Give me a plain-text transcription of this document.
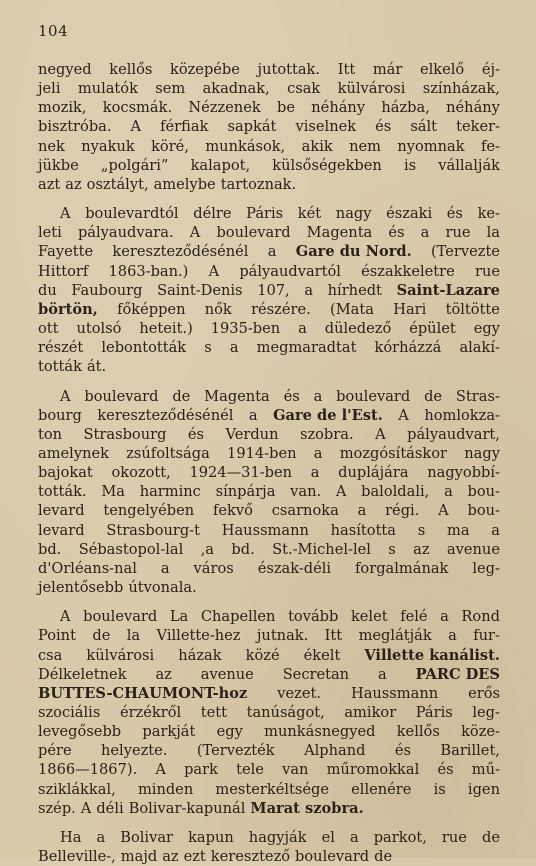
104
negyed kellős közepébe jutottak. Itt már elkelő éj-
jeli mulatók sem akadnak, csak külvárosi színházak,
mozik, kocsmák. Nézzenek be néhány házba, néhány
bisztróba. A férfiak sapkát viselnek és sált teker-
nek nyakuk köré, munkások, akik nem nyomnak fe-
jükbe „polgári” kalapot, külsőségekben is vállalják
azt az osztályt, amelybe tartoznak.
A boulevardtól délre Páris két nagy északi és ke-
leti pályaudvara. A boulevard Magenta és a rue la
Fayette kereszteződésénél a Gare du Nord. (Tervezte
Hittorf 1863-ban.) A pályaudvartól északkeletre rue
du Faubourg Saint-Denis 107, a hírhedt Saint-Lazare
börtön, főképpen nők részére. (Mata Hari töltötte
ott utolsó heteit.) 1935-ben a düledező épület egy
részét lebontották s a megmaradtat kórházzá alakí-
tották át.
A boulevard de Magenta és a boulevard de Stras-
bourg kereszteződésénél a Gare de l'Est. A homlokza-
ton Strasbourg és Verdun szobra. A pályaudvart,
amelynek zsúfoltsága 1914-ben a mozgósításkor nagy
bajokat okozott, 1924—31-ben a duplájára nagyobbí-
tották. Ma harminc sínpárja van. A baloldali, a bou-
levard tengelyében fekvő csarnoka a régi. A bou-
levard Strasbourg-t Haussmann hasította s ma a
bd. Sébastopol-lal ‚a bd. St.-Michel-lel s az avenue
d'Orléans-nal a város észak-déli forgalmának leg-
jelentősebb útvonala.
A boulevard La Chapellen tovább kelet felé a Rond
Point de la Villette-hez jutnak. Itt meglátják a fur-
csa külvárosi házak közé ékelt Villette kanálist.
Délkeletnek az avenue Secretan a PARC DES
BUTTES-CHAUMONT-hoz vezet. Haussmann erős
szociális érzékről tett tanúságot, amikor Páris leg-
levegősebb parkját egy munkásnegyed kellős köze-
pére helyezte. (Tervezték Alphand és Barillet,
1866—1867). A park tele van műromokkal és mű-
sziklákkal, minden mesterkéltsége ellenére is igen
szép. A déli Bolivar-kapunál Marat szobra.
Ha a Bolivar kapun hagyják el a parkot, rue de
Belleville-, majd az ezt keresztező boulevard de
